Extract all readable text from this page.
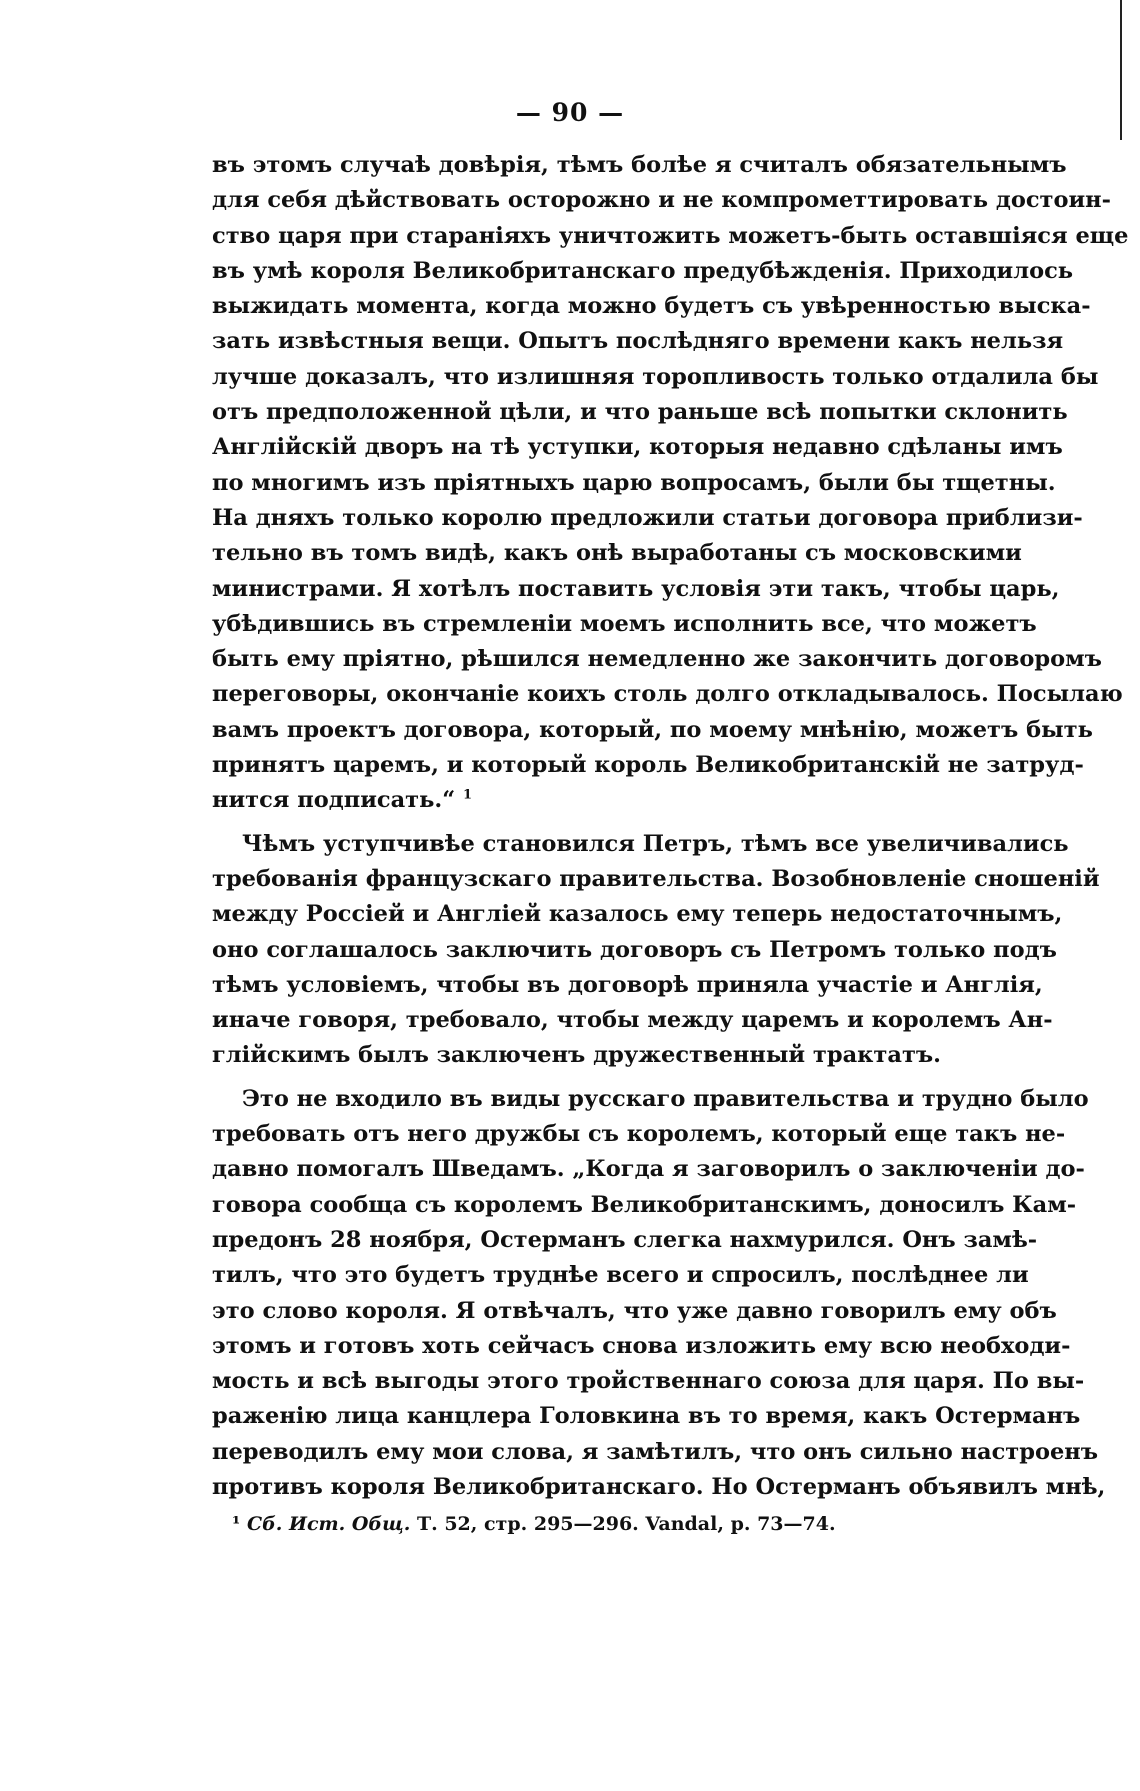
— 90 —
въ этомъ случаѣ довѣрія, тѣмъ болѣе я считалъ обязательнымъ
для себя дѣйствовать осторожно и не компрометтировать достоин-
ство царя при стараніяхъ уничтожить можетъ-быть оставшіяся еще
въ умѣ короля Великобританскаго предубѣжденія. Приходилось
выжидать момента, когда можно будетъ съ увѣренностью выска-
зать извѣстныя вещи. Опытъ послѣдняго времени какъ нельзя
лучше доказалъ, что излишняя торопливость только отдалила бы
отъ предположенной цѣли, и что раньше всѣ попытки склонить
Англійскій дворъ на тѣ уступки, которыя недавно сдѣланы имъ
по многимъ изъ пріятныхъ царю вопросамъ, были бы тщетны.
На дняхъ только королю предложили статьи договора приблизи-
тельно въ томъ видѣ, какъ онѣ выработаны съ московскими
министрами. Я хотѣлъ поставить условія эти такъ, чтобы царь,
убѣдившись въ стремленіи моемъ исполнить все, что можетъ
быть ему пріятно, рѣшился немедленно же закончить договоромъ
переговоры, окончаніе коихъ столь долго откладывалось. Посылаю
вамъ проектъ договора, который, по моему мнѣнію, можетъ быть
принятъ царемъ, и который король Великобританскій не затруд-
нится подписать.“ $^1$
Чѣмъ уступчивѣе становился Петръ, тѣмъ все увеличивались
требованія французскаго правительства. Возобновленіе сношеній
между Россіей и Англіей казалось ему теперь недостаточнымъ,
оно соглашалось заключить договоръ съ Петромъ только подъ
тѣмъ условіемъ, чтобы въ договорѣ приняла участіе и Англія,
иначе говоря, требовало, чтобы между царемъ и королемъ Ан-
глійскимъ былъ заключенъ дружественный трактатъ.
Это не входило въ виды русскаго правительства и трудно было
требовать отъ него дружбы съ королемъ, который еще такъ не-
давно помогалъ Шведамъ. „Когда я заговорилъ о заключеніи до-
говора сообща съ королемъ Великобританскимъ, доносилъ Кам-
предонъ 28 ноября, Остерманъ слегка нахмурился. Онъ замѣ-
тилъ, что это будетъ труднѣе всего и спросилъ, послѣднее ли
это слово короля. Я отвѣчалъ, что уже давно говорилъ ему объ
этомъ и готовъ хоть сейчасъ снова изложить ему всю необходи-
мость и всѣ выгоды этого тройственнаго союза для царя. По вы-
раженію лица канцлера Головкина въ то время, какъ Остерманъ
переводилъ ему мои слова, я замѣтилъ, что онъ сильно настроенъ
противъ короля Великобританскаго. Но Остерманъ объявилъ мнѣ,
¹ Сб. Ист. Общ. Т. 52, стр. 295—296. Vandal, p. 73—74.
